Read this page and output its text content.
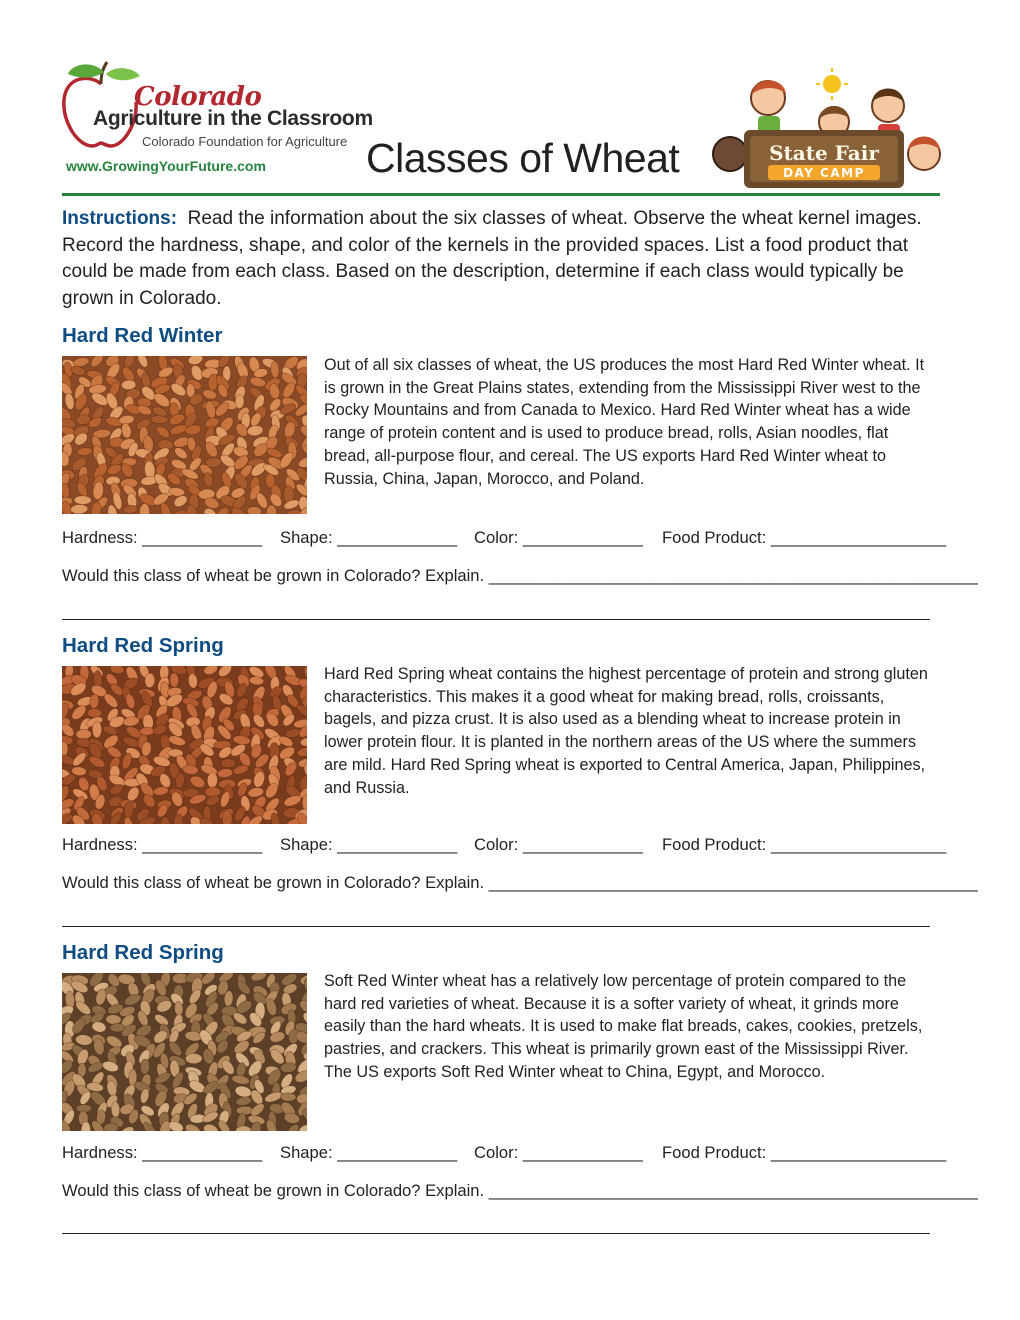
Colorado
Agriculture in the Classroom
Colorado Foundation for Agriculture
www.GrowingYourFuture.com Classes of Wheat	State Fair
DAY CAMP
Instructions: Read the information about the six classes of wheat. Observe the wheat kernel images. Record the hardness, shape, and color of the kernels in the provided spaces. List a food product that could be made from each class. Based on the description, determine if each class would typically be grown in Colorado.
Hard Red Winter
Out of all six classes of wheat, the US produces the most Hard Red Winter wheat. It is grown in the Great Plains states, extending from the Mississippi River west to the Rocky Mountains and from Canada to Mexico. Hard Red Winter wheat has a wide range of protein content and is used to produce bread, rolls, Asian noodles, flat bread, all-purpose flour, and cereal. The US exports Hard Red Winter wheat to Russia, China, Japan, Morocco, and Poland.
Hardness: _____________ Shape: _____________ Color: _____________ Food Product: ___________________
Would this class of wheat be grown in Colorado? Explain. _____________________________________________________
Hard Red Spring
Hard Red Spring wheat contains the highest percentage of protein and strong gluten characteristics. This makes it a good wheat for making bread, rolls, croissants, bagels, and pizza crust. It is also used as a blending wheat to increase protein in lower protein flour. It is planted in the northern areas of the US where the summers are mild. Hard Red Spring wheat is exported to Central America, Japan, Philippines, and Russia.
Hardness: _____________ Shape: _____________ Color: _____________ Food Product: ___________________
Would this class of wheat be grown in Colorado? Explain. _____________________________________________________
Hard Red Spring
Soft Red Winter wheat has a relatively low percentage of protein compared to the hard red varieties of wheat. Because it is a softer variety of wheat, it grinds more easily than the hard wheats. It is used to make flat breads, cakes, cookies, pretzels, pastries, and crackers. This wheat is primarily grown east of the Mississippi River. The US exports Soft Red Winter wheat to China, Egypt, and Morocco.
Hardness: _____________ Shape: _____________ Color: _____________ Food Product: ___________________
Would this class of wheat be grown in Colorado? Explain. _____________________________________________________
